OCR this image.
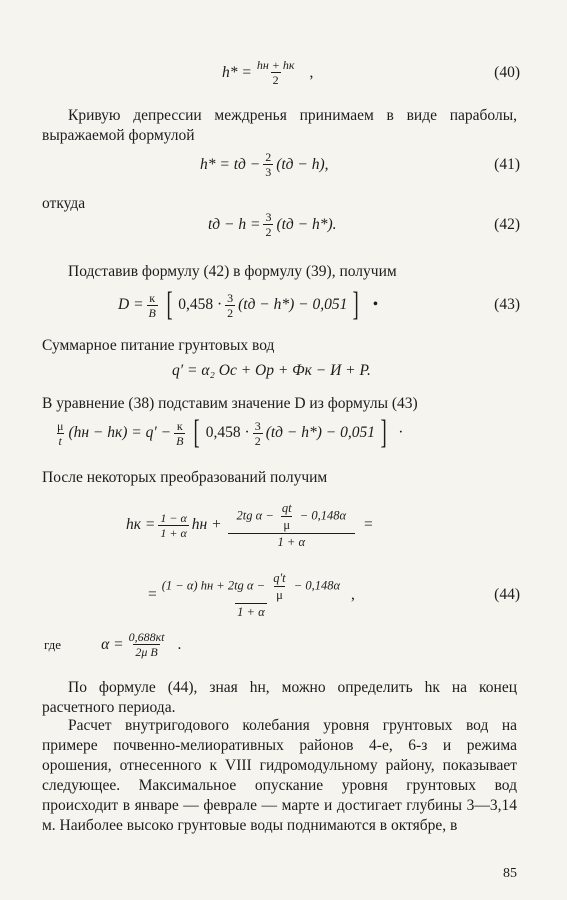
$h* = \frac{hн + hк}{2}$ ,	(40)
Кривую депрессии междренья принимаем в виде параболы, выражаемой формулой
h* = tд − $\frac{2}{3} (tд - h)$,	(41)
откуда
tд − $h = \frac{3}{2} (tд - h*)$.	(42)
Подставив формулу (42) в формулу (39), получим
$D = \frac{к}{B}$ [ $0,458 \cdot \frac{3}{2} (tд - h*) - 0,051$ ] •	(43)
Суммарное питание грунтовых вод
q′ = α₂ Oс + Oр + Фк − И + P.
В уравнение (38) подставим значение D из формулы (43)
$\frac{\mu}{t} (hн - hк) = q' - \frac{к}{B}$ [ $0,458 \cdot \frac{3}{2} (tд - h*) - 0,051$ ] ·
После некоторых преобразований получим
hк = $\frac{1 - \alpha}{1 + \alpha}$ hн +
2tg $\alpha - \frac{qt}{\mu} - 0,148\alpha$
1 + α
=
=
(1 − α) hн + 2tg $\alpha - \frac{q't}{\mu} - 0,148\alpha$
1 + α
,	(44)
где	$\alpha = \frac{0,688кt}{\text{2μ B}}$ .
По формуле (44), зная hн, можно определить hк на конец расчетного периода.
Расчет внутригодового колебания уровня грунтовых вод на примере почвенно-мелиоративных районов 4-е, 6-з и режима орошения, отнесенного к VIII гидромодульному району, показывает следующее. Максимальное опускание уровня грунтовых вод происходит в январе — феврале — марте и достигает глубины 3—3,14 м. Наиболее высоко грунтовые воды поднимаются в октябре, в
85
